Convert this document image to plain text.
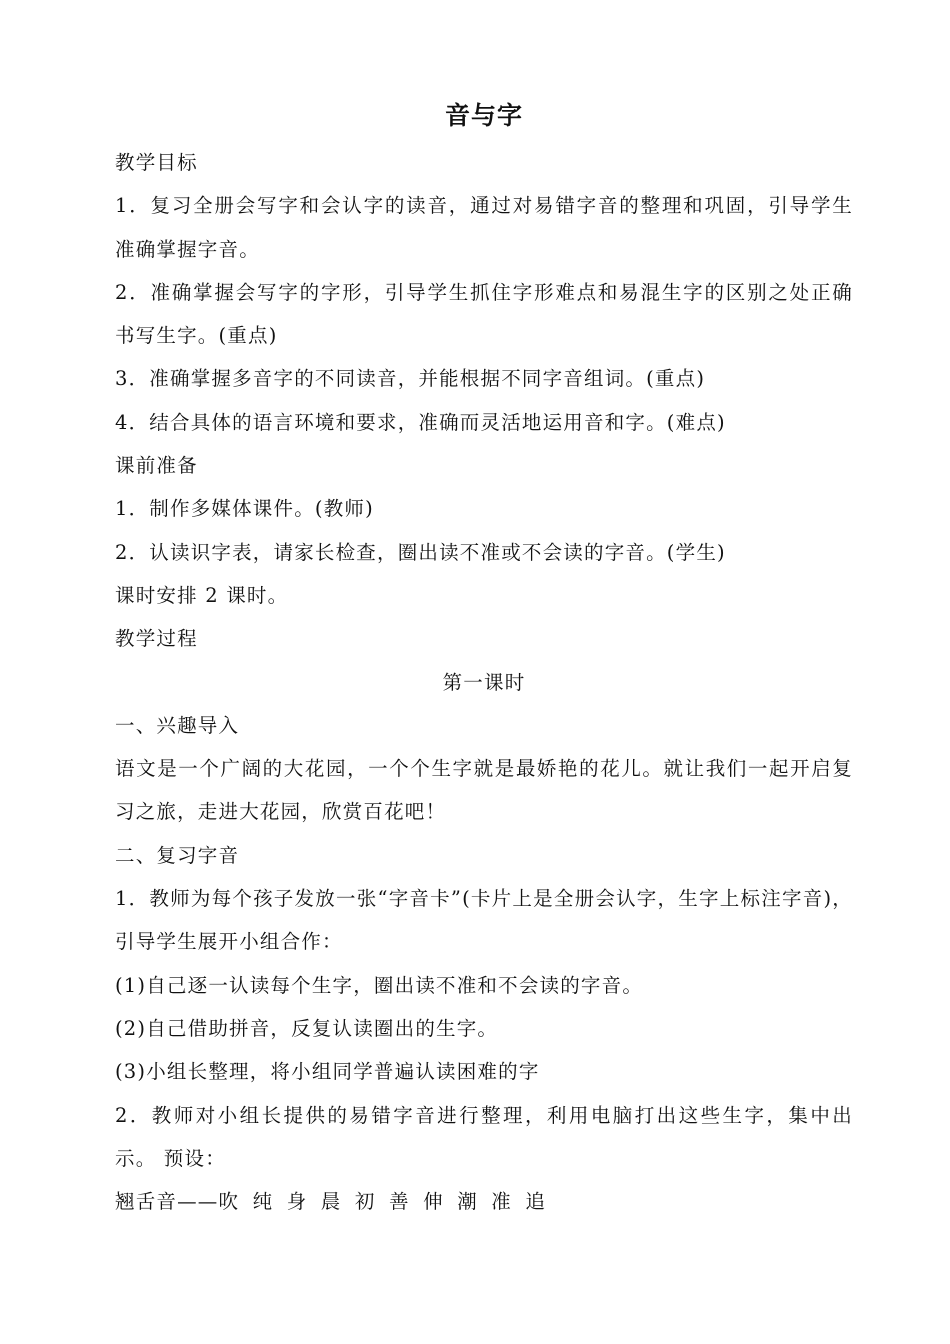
音与字

教学目标

1．复习全册会写字和会认字的读音，通过对易错字音的整理和巩固，引导学生准确掌握字音。

2．准确掌握会写字的字形，引导学生抓住字形难点和易混生字的区别之处正确书写生字。(重点)

3．准确掌握多音字的不同读音，并能根据不同字音组词。(重点)

4．结合具体的语言环境和要求，准确而灵活地运用音和字。(难点)

课前准备

1．制作多媒体课件。(教师)

2．认读识字表，请家长检查，圈出读不准或不会读的字音。(学生)

课时安排 2 课时。

教学过程

第一课时

一、兴趣导入

语文是一个广阔的大花园，一个个生字就是最娇艳的花儿。就让我们一起开启复习之旅，走进大花园，欣赏百花吧！

二、复习字音

1．教师为每个孩子发放一张“字音卡”(卡片上是全册会认字，生字上标注字音)，引导学生展开小组合作：

(1)自己逐一认读每个生字，圈出读不准和不会读的字音。

(2)自己借助拼音，反复认读圈出的生字。

(3)小组长整理，将小组同学普遍认读困难的字

2．教师对小组长提供的易错字音进行整理，利用电脑打出这些生字，集中出示。 预设：

翘舌音——吹 纯 身 晨 初 善 伸 潮 准 追
